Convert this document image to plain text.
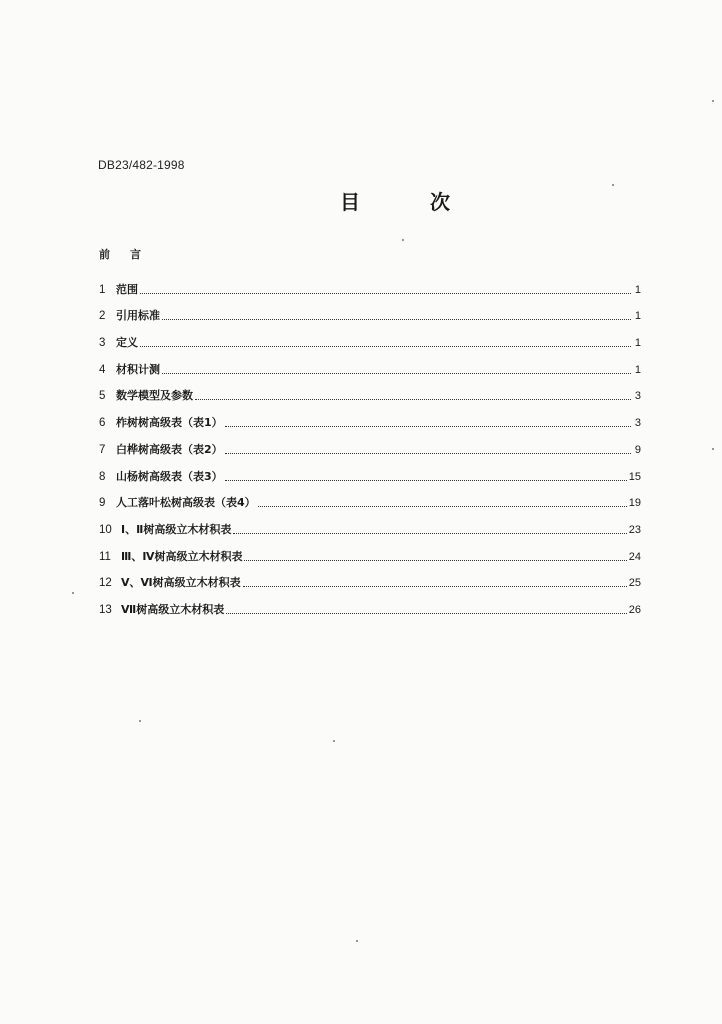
DB23/482-1998
目	次
前 言
1 范围	1
2 引用标准	1
3 定义	1
4 材积计测	1
5 数学模型及参数	3
6 柞树树高级表（表1）	3
7 白桦树高级表（表2）	9
8 山杨树高级表（表3）	15
9 人工落叶松树高级表（表4）	19
10 Ⅰ、Ⅱ树高级立木材积表	23
11 Ⅲ、Ⅳ树高级立木材积表	24
12 Ⅴ、Ⅵ树高级立木材积表	25
13 Ⅶ树高级立木材积表	26
